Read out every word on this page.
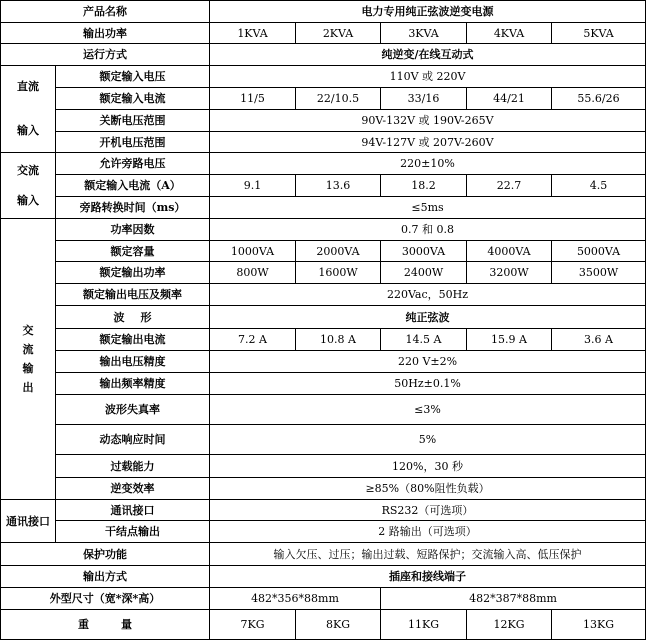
产品名称		电力专用纯正弦波逆变电源				
输出功率		1KVA	2KVA	3KVA	4KVA	5KVA
运行方式		纯逆变/在线互动式				
直流

输入	额定输入电压	110V 或 220V				
	额定输入电流	11/5	22/10.5	33/16	44/21	55.6/26
	关断电压范围	90V-132V 或 190V-265V				
	开机电压范围	94V-127V 或 207V-260V				
交流
输入	允许旁路电压	220±10%				
	额定输入电流（A）	9.1	13.6	18.2	22.7	4.5
	旁路转换时间（ms）	≤5ms				
交
流
输
出	功率因数	0.7 和 0.8				
	额定容量	1000VA	2000VA	3000VA	4000VA	5000VA
	额定输出功率	800W	1600W	2400W	3200W	3500W
	额定输出电压及频率	220Vac，50Hz				
	波 形	纯正弦波				
	额定输出电流	7.2 A	10.8 A	14.5 A	15.9 A	3.6 A
	输出电压精度	220 V±2%				
	输出频率精度	50Hz±0.1%				
	波形失真率	≤3%				
	动态响应时间	5%				
	过载能力	120%，30 秒				
	逆变效率	≥85%（80%阻性负载）				
通讯接口	通讯接口	RS232（可选项）				
	干结点输出	2 路输出（可选项）				
保护功能		输入欠压、过压；输出过载、短路保护；交流输入高、低压保护				
输出方式		插座和接线端子				
外型尺寸（宽*深*高）		482*356*88mm		482*387*88mm		
重 量		7KG	8KG	11KG	12KG	13KG
